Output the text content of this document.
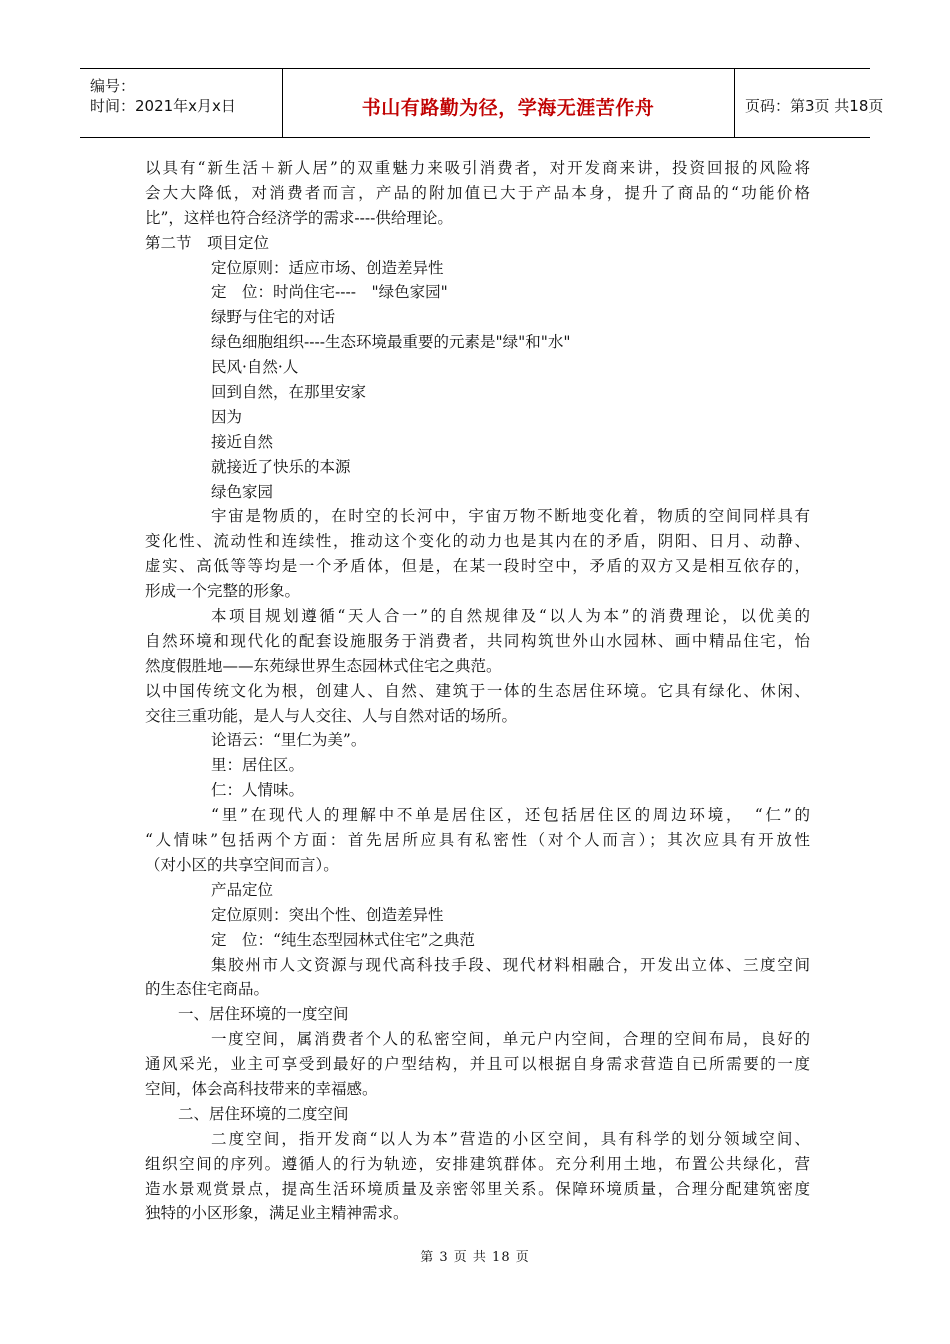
编号：
时间：2021年x月x日	书山有路勤为径，学海无涯苦作舟	页码：第3页 共18页
以具有“新生活＋新人居”的双重魅力来吸引消费者，对开发商来讲，投资回报的风险将
会大大降低，对消费者而言，产品的附加值已大于产品本身，提升了商品的“功能价格
比”，这样也符合经济学的需求----供给理论。
第二节　项目定位
定位原则：适应市场、创造差异性
定　位：时尚住宅----　"绿色家园"
绿野与住宅的对话
绿色细胞组织----生态环境最重要的元素是"绿"和"水"
民风·自然·人
回到自然，在那里安家
因为
接近自然
就接近了快乐的本源
绿色家园
宇宙是物质的，在时空的长河中，宇宙万物不断地变化着，物质的空间同样具有
变化性、流动性和连续性，推动这个变化的动力也是其内在的矛盾，阴阳、日月、动静、
虚实、高低等等均是一个矛盾体，但是，在某一段时空中，矛盾的双方又是相互依存的，
形成一个完整的形象。
本项目规划遵循“天人合一”的自然规律及“以人为本”的消费理论，以优美的
自然环境和现代化的配套设施服务于消费者，共同构筑世外山水园林、画中精品住宅，怡
然度假胜地——东苑绿世界生态园林式住宅之典范。
以中国传统文化为根，创建人、自然、建筑于一体的生态居住环境。它具有绿化、休闲、
交往三重功能，是人与人交往、人与自然对话的场所。
论语云：“里仁为美”。
里：居住区。
仁：人情味。
“里”在现代人的理解中不单是居住区，还包括居住区的周边环境，　“仁”的
“人情味”包括两个方面：首先居所应具有私密性（对个人而言）；其次应具有开放性
（对小区的共享空间而言）。
产品定位
定位原则：突出个性、创造差异性
定　位：“纯生态型园林式住宅”之典范
集胶州市人文资源与现代高科技手段、现代材料相融合，开发出立体、三度空间
的生态住宅商品。
一、居住环境的一度空间
一度空间，属消费者个人的私密空间，单元户内空间，合理的空间布局，良好的
通风采光，业主可享受到最好的户型结构，并且可以根据自身需求营造自已所需要的一度
空间，体会高科技带来的幸福感。
二、居住环境的二度空间
二度空间，指开发商“以人为本”营造的小区空间，具有科学的划分领域空间、
组织空间的序列。遵循人的行为轨迹，安排建筑群体。充分利用土地，布置公共绿化，营
造水景观赏景点，提高生活环境质量及亲密邻里关系。保障环境质量，合理分配建筑密度
独特的小区形象，满足业主精神需求。
第 3 页 共 18 页
